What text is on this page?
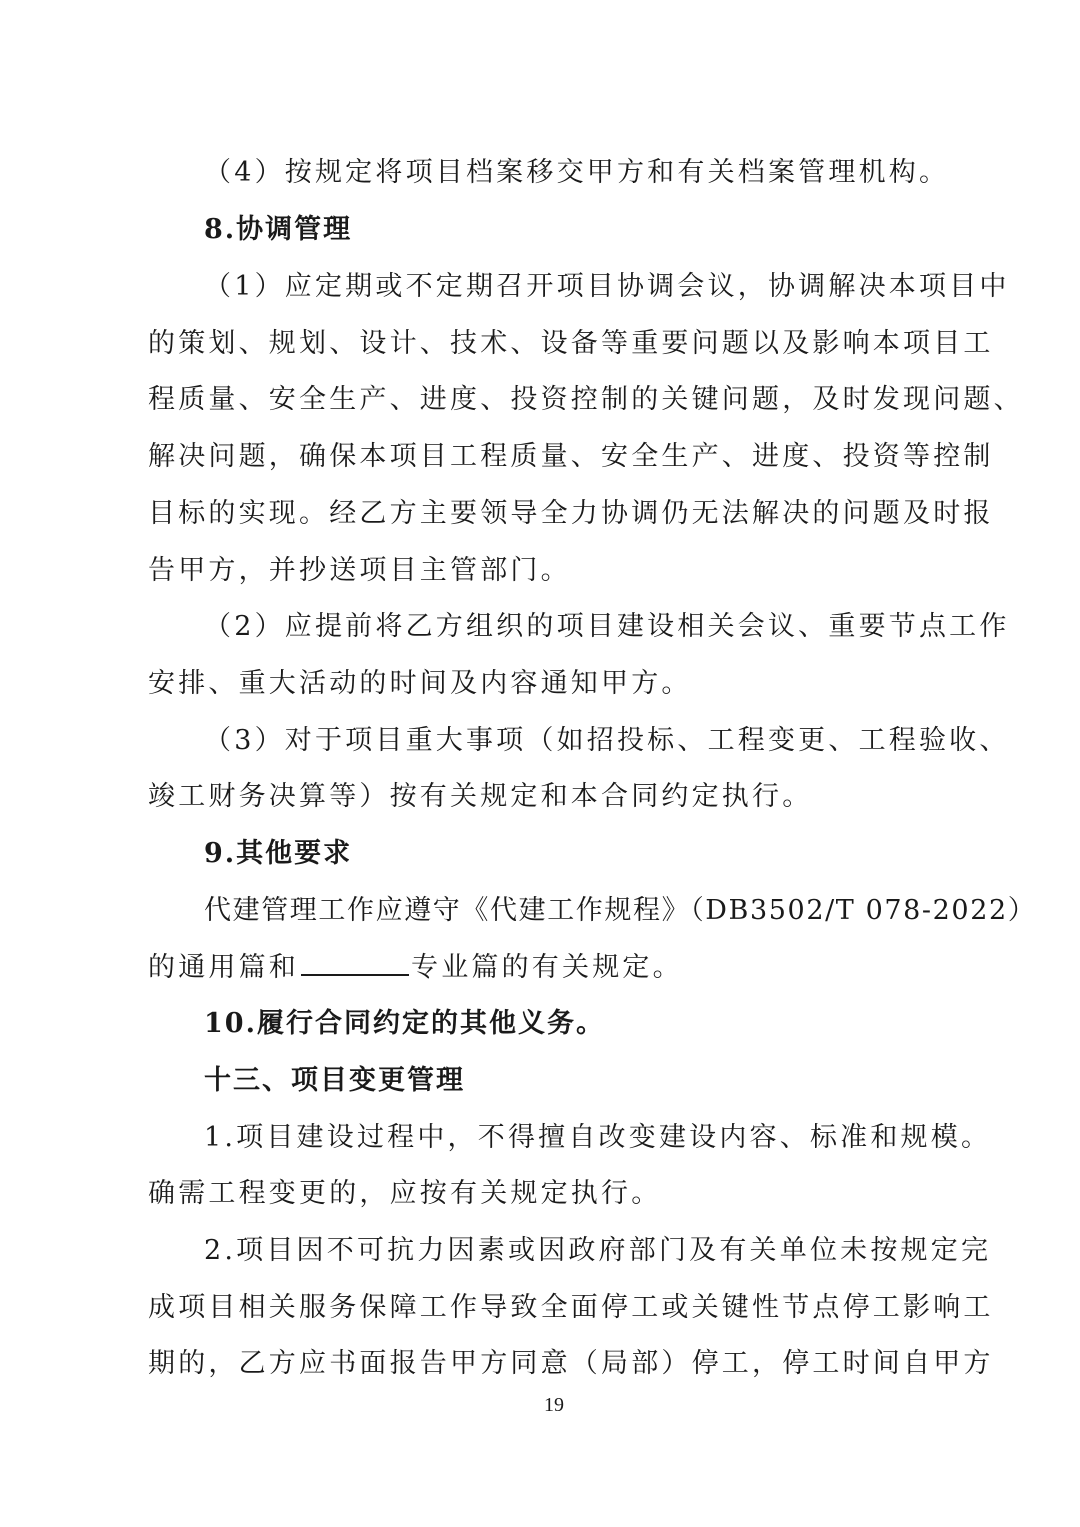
（4）按规定将项目档案移交甲方和有关档案管理机构。
8.协调管理
（1）应定期或不定期召开项目协调会议，协调解决本项目中
的策划、规划、设计、技术、设备等重要问题以及影响本项目工
程质量、安全生产、进度、投资控制的关键问题，及时发现问题、
解决问题，确保本项目工程质量、安全生产、进度、投资等控制
目标的实现。经乙方主要领导全力协调仍无法解决的问题及时报
告甲方，并抄送项目主管部门。
（2）应提前将乙方组织的项目建设相关会议、重要节点工作
安排、重大活动的时间及内容通知甲方。
（3）对于项目重大事项（如招投标、工程变更、工程验收、
竣工财务决算等）按有关规定和本合同约定执行。
9.其他要求
代建管理工作应遵守《代建工作规程》（DB3502/T 078-2022）
的通用篇和	专业篇的有关规定。
10.履行合同约定的其他义务。
十三、项目变更管理
1.项目建设过程中，不得擅自改变建设内容、标准和规模。
确需工程变更的，应按有关规定执行。
2.项目因不可抗力因素或因政府部门及有关单位未按规定完
成项目相关服务保障工作导致全面停工或关键性节点停工影响工
期的，乙方应书面报告甲方同意（局部）停工，停工时间自甲方
19
